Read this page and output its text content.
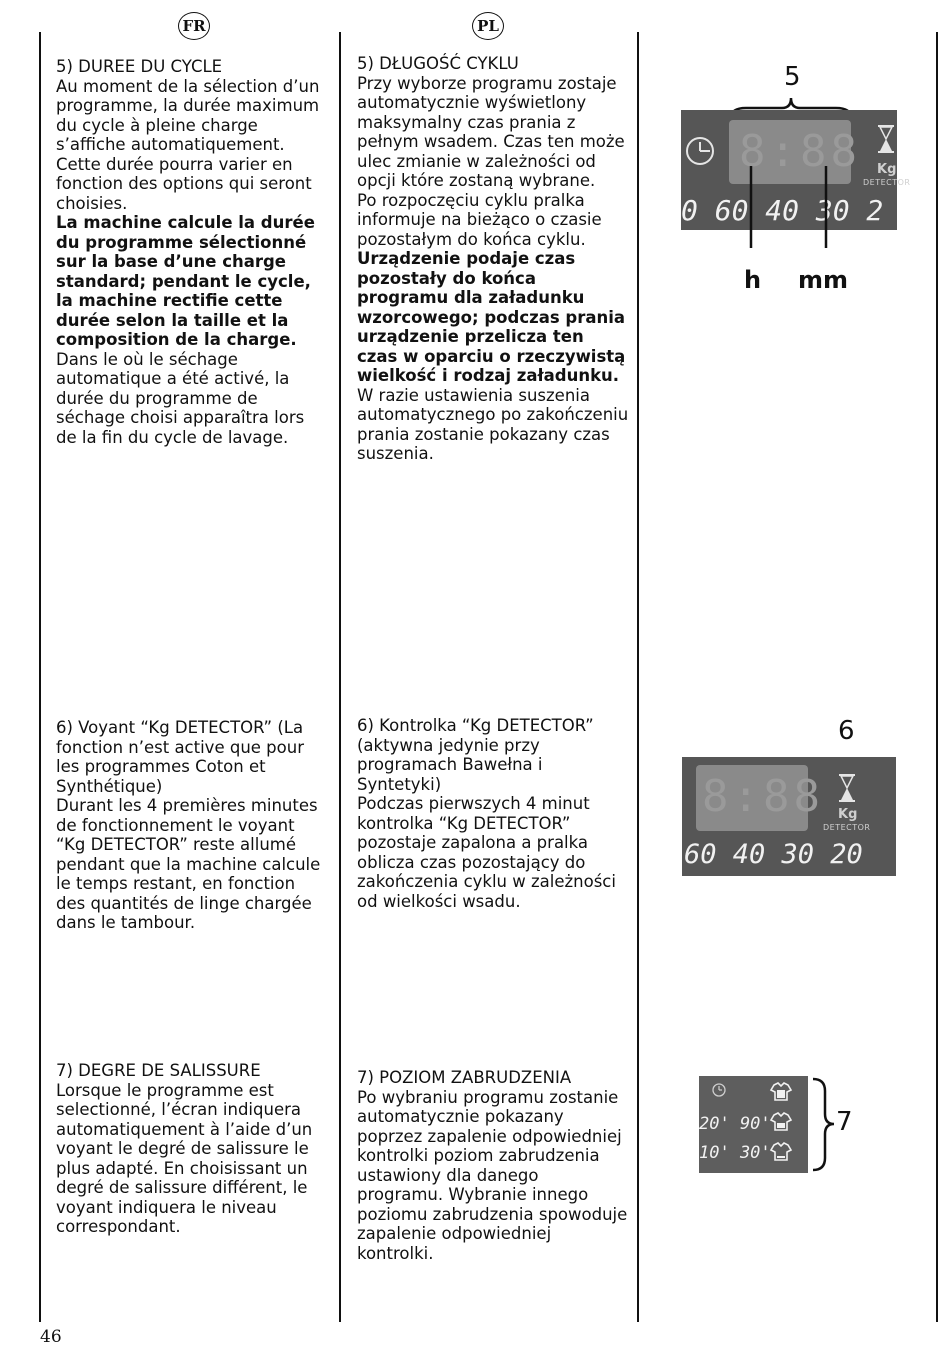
FR	PL

5) DUREE DU CYCLE

Au moment de la sélection d’un programme, la durée maximum du cycle à pleine charge s’affiche automatiquement. Cette durée pourra varier en fonction des options qui seront choisies.

La machine calcule la durée du programme sélectionné sur la base d’une charge standard; pendant le cycle, la machine rectifie cette durée selon la taille et la composition de la charge.

Dans le où le séchage automatique a été activé, la durée du programme de séchage choisi apparaîtra lors de la fin du cycle de lavage.

5) DŁUGOŚĆ CYKLU

Przy wyborze programu zostaje automatycznie wyświetlony maksymalny czas prania z pełnym wsadem. Czas ten może ulec zmianie w zależności od opcji które zostaną wybrane.

Po rozpoczęciu cyklu pralka informuje na bieżąco o czasie pozostałym do końca cyklu.

Urządzenie podaje czas pozostały do końca programu dla załadunku wzorcowego; podczas prania urządzenie przelicza ten czas w oparciu o rzeczywistą wielkość i rodzaj załadunku.

W razie ustawienia suszenia automatycznego po zakończeniu prania zostanie pokazany czas suszenia.

6) Voyant “Kg DETECTOR” (La fonction n’est active que pour les programmes Coton et Synthétique)

Durant les 4 premières minutes de fonctionnement le voyant “Kg DETECTOR” reste allumé pendant que la machine calcule le temps restant, en fonction des quantités de linge chargée dans le tambour.

6) Kontrolka “Kg DETECTOR” (aktywna jedynie przy programach Bawełna i Syntetyki)

Podczas pierwszych 4 minut kontrolka “Kg DETECTOR” pozostaje zapalona a pralka oblicza czas pozostający do zakończenia cyklu w zależności od wielkości wsadu.

7) DEGRE DE SALISSURE

Lorsque le programme est selectionné, l’écran indiquera automatiquement à l’aide d’un voyant le degré de salissure le plus adapté. En choisissant un degré de salissure différent, le voyant indiquera le niveau correspondant.

7) POZIOM ZABRUDZENIA

Po wybraniu programu zostanie automatycznie pokazany poprzez zapalenie odpowiedniej kontrolki poziom zabrudzenia ustawiony dla danego programu. Wybranie innego poziomu zabrudzenia spowoduje zapalenie odpowiedniej kontrolki.

5
8:88 Kg
DETECTOR
0 60 40 30 2
h mm
6
8:88 Kg
DETECTOR
60 40 30 20
20' 90'
10' 30'
7
46
